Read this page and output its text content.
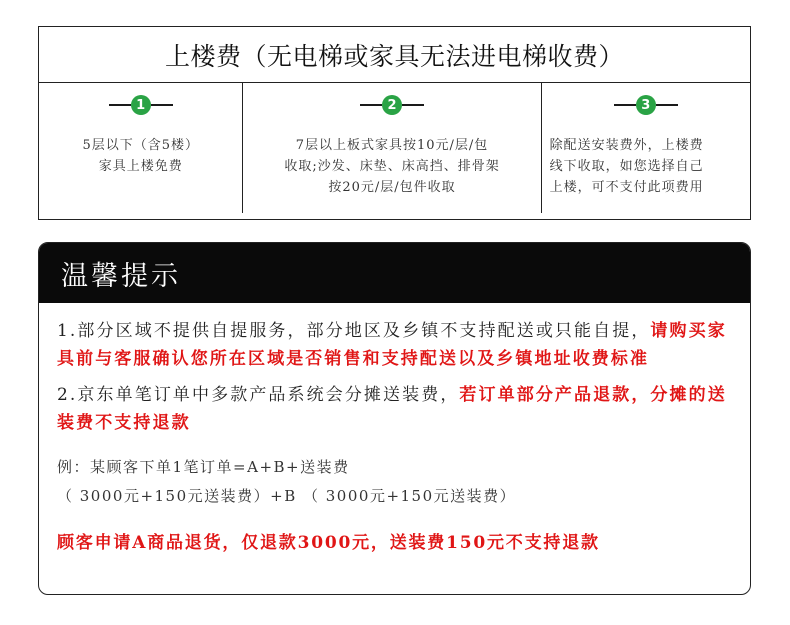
上楼费（无电梯或家具无法进电梯收费）
1
5层以下（含5楼）
家具上楼免费
2
7层以上板式家具按10元/层/包
收取;沙发、床垫、床高挡、排骨架
按20元/层/包件收取
3
除配送安装费外，上楼费
线下收取，如您选择自己
上楼，可不支付此项费用
温馨提示

1.部分区域不提供自提服务，部分地区及乡镇不支持配送或只能自提，请购买家具前与客服确认您所在区域是否销售和支持配送以及乡镇地址收费标准

2.京东单笔订单中多款产品系统会分摊送装费，若订单部分产品退款，分摊的送装费不支持退款

例：某顾客下单1笔订单=A+B+送装费
（ 3000元+150元送装费）+B （ 3000元+150元送装费）
顾客申请A商品退货，仅退款3000元，送装费150元不支持退款
